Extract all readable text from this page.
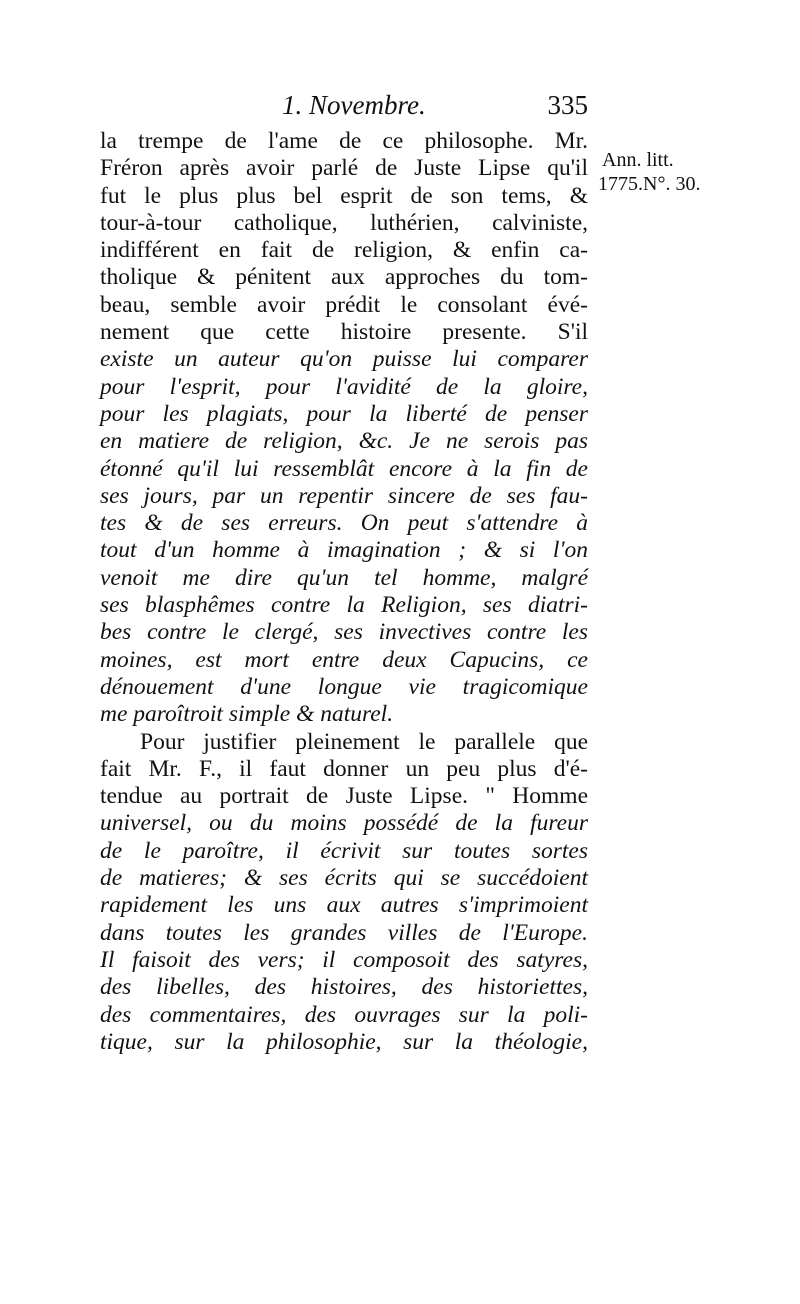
1. Novembre.	335
Ann. litt.
1775.N°. 30.
la trempe de l'ame de ce philosophe. Mr.
Fréron après avoir parlé de Juste Lipse qu'il
fut le plus plus bel esprit de son tems, &
tour-à-tour catholique, luthérien, calviniste,
indifférent en fait de religion, & enfin ca-
tholique & pénitent aux approches du tom-
beau, semble avoir prédit le consolant évé-
nement que cette histoire presente. S'il
existe un auteur qu'on puisse lui comparer
pour l'esprit, pour l'avidité de la gloire,
pour les plagiats, pour la liberté de penser
en matiere de religion, &c. Je ne serois pas
étonné qu'il lui ressemblât encore à la fin de
ses jours, par un repentir sincere de ses fau-
tes & de ses erreurs. On peut s'attendre à
tout d'un homme à imagination ; & si l'on
venoit me dire qu'un tel homme, malgré
ses blasphêmes contre la Religion, ses diatri-
bes contre le clergé, ses invectives contre les
moines, est mort entre deux Capucins, ce
dénouement d'une longue vie tragicomique
me paroîtroit simple & naturel.
Pour justifier pleinement le parallele que
fait Mr. F., il faut donner un peu plus d'é-
tendue au portrait de Juste Lipse. " Homme
universel, ou du moins possédé de la fureur
de le paroître, il écrivit sur toutes sortes
de matieres; & ses écrits qui se succédoient
rapidement les uns aux autres s'imprimoient
dans toutes les grandes villes de l'Europe.
Il faisoit des vers; il composoit des satyres,
des libelles, des histoires, des historiettes,
des commentaires, des ouvrages sur la poli-
tique, sur la philosophie, sur la théologie,
